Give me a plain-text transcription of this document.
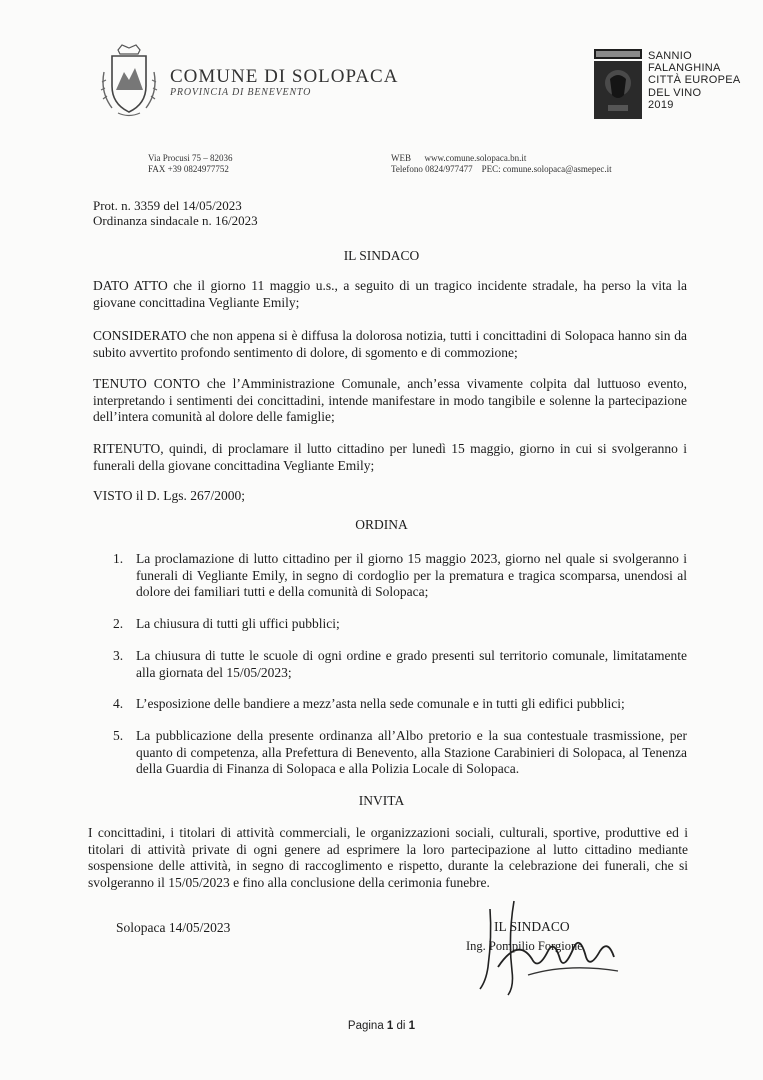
COMUNE DI SOLOPACA
PROVINCIA DI BENEVENTO
SANNIO
FALANGHINA
CITTÀ EUROPEA
DEL VINO
2019
Via Procusi 75 – 82036
FAX +39 0824977752
WEB      www.comune.solopaca.bn.it
Telefono 0824/977477    PEC: comune.solopaca@asmepec.it
Prot. n. 3359 del 14/05/2023
Ordinanza sindacale n. 16/2023
IL SINDACO
DATO ATTO che il giorno 11 maggio u.s., a seguito di un tragico incidente stradale, ha perso la vita la giovane concittadina Vegliante Emily;
CONSIDERATO che non appena si è diffusa la dolorosa notizia, tutti i concittadini di Solopaca hanno sin da subito avvertito profondo sentimento di dolore, di sgomento e di commozione;
TENUTO CONTO che l’Amministrazione Comunale, anch’essa vivamente colpita dal luttuoso evento, interpretando i sentimenti dei concittadini, intende manifestare in modo tangibile e solenne la partecipazione dell’intera comunità al dolore delle famiglie;
RITENUTO, quindi, di proclamare il lutto cittadino per lunedì 15 maggio, giorno in cui si svolgeranno i funerali della giovane concittadina Vegliante Emily;
VISTO il D. Lgs. 267/2000;
ORDINA
1. La proclamazione di lutto cittadino per il giorno 15 maggio 2023, giorno nel quale si svolgeranno i funerali di Vegliante Emily, in segno di cordoglio per la prematura e tragica scomparsa, unendosi al dolore dei familiari tutti e della comunità di Solopaca;
2. La chiusura di tutti gli uffici pubblici;
3. La chiusura di tutte le scuole di ogni ordine e grado presenti sul territorio comunale, limitatamente alla giornata del 15/05/2023;
4. L’esposizione delle bandiere a mezz’asta nella sede comunale e in tutti gli edifici pubblici;
5. La pubblicazione della presente ordinanza all’Albo pretorio e la sua contestuale trasmissione, per quanto di competenza, alla Prefettura di Benevento, alla Stazione Carabinieri di Solopaca, al Tenenza della Guardia di Finanza di Solopaca e alla Polizia Locale di Solopaca.
INVITA
I concittadini, i titolari di attività commerciali, le organizzazioni sociali, culturali, sportive, produttive ed i titolari di attività private di ogni genere ad esprimere la loro partecipazione al lutto cittadino mediante sospensione delle attività, in segno di raccoglimento e rispetto, durante la celebrazione dei funerali, che si svolgeranno il 15/05/2023 e fino alla conclusione della cerimonia funebre.
Solopaca 14/05/2023	IL SINDACO
Ing. Pompilio Forgione
Pagina 1 di 1
